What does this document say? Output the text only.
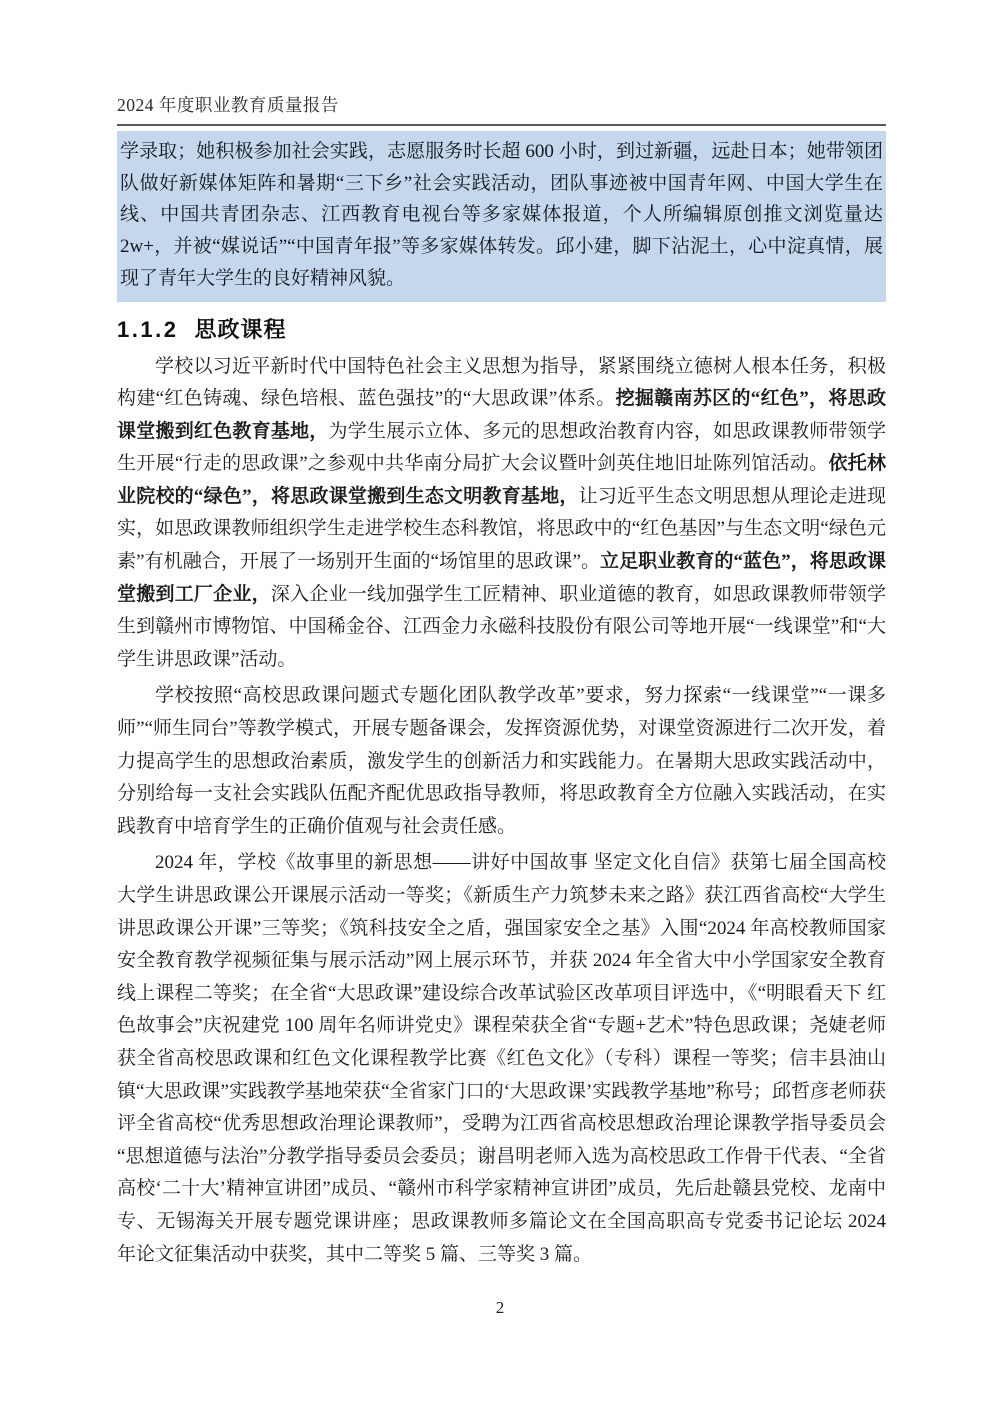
2024 年度职业教育质量报告
学录取；她积极参加社会实践，志愿服务时长超 600 小时，到过新疆，远赴日本；她带领团队做好新媒体矩阵和暑期“三下乡”社会实践活动，团队事迹被中国青年网、中国大学生在线、中国共青团杂志、江西教育电视台等多家媒体报道，个人所编辑原创推文浏览量达 2w+，并被“媒说话”“中国青年报”等多家媒体转发。邱小建，脚下沾泥土，心中淀真情，展现了青年大学生的良好精神风貌。
1.1.2 思政课程
学校以习近平新时代中国特色社会主义思想为指导，紧紧围绕立德树人根本任务，积极构建“红色铸魂、绿色培根、蓝色强技”的“大思政课”体系。挖掘赣南苏区的“红色”，将思政课堂搬到红色教育基地，为学生展示立体、多元的思想政治教育内容，如思政课教师带领学生开展“行走的思政课”之参观中共华南分局扩大会议暨叶剑英住地旧址陈列馆活动。依托林业院校的“绿色”，将思政课堂搬到生态文明教育基地，让习近平生态文明思想从理论走进现实，如思政课教师组织学生走进学校生态科教馆，将思政中的“红色基因”与生态文明“绿色元素”有机融合，开展了一场别开生面的“场馆里的思政课”。立足职业教育的“蓝色”，将思政课堂搬到工厂企业，深入企业一线加强学生工匠精神、职业道德的教育，如思政课教师带领学生到赣州市博物馆、中国稀金谷、江西金力永磁科技股份有限公司等地开展“一线课堂”和“大学生讲思政课”活动。
学校按照“高校思政课问题式专题化团队教学改革”要求，努力探索“一线课堂”“一课多师”“师生同台”等教学模式，开展专题备课会，发挥资源优势，对课堂资源进行二次开发，着力提高学生的思想政治素质，激发学生的创新活力和实践能力。在暑期大思政实践活动中，分别给每一支社会实践队伍配齐配优思政指导教师，将思政教育全方位融入实践活动，在实践教育中培育学生的正确价值观与社会责任感。
2024 年，学校《故事里的新思想——讲好中国故事 坚定文化自信》获第七届全国高校大学生讲思政课公开课展示活动一等奖；《新质生产力筑梦未来之路》获江西省高校“大学生讲思政课公开课”三等奖；《筑科技安全之盾，强国家安全之基》入围“2024 年高校教师国家安全教育教学视频征集与展示活动”网上展示环节，并获 2024 年全省大中小学国家安全教育线上课程二等奖；在全省“大思政课”建设综合改革试验区改革项目评选中，《“明眼看天下 红色故事会”庆祝建党 100 周年名师讲党史》课程荣获全省“专题+艺术”特色思政课；尧婕老师获全省高校思政课和红色文化课程教学比赛《红色文化》（专科）课程一等奖；信丰县油山镇“大思政课”实践教学基地荣获“全省家门口的‘大思政课’实践教学基地”称号；邱哲彦老师获评全省高校“优秀思想政治理论课教师”，受聘为江西省高校思想政治理论课教学指导委员会“思想道德与法治”分教学指导委员会委员；谢昌明老师入选为高校思政工作骨干代表、“全省高校‘二十大’精神宣讲团”成员、“赣州市科学家精神宣讲团”成员，先后赴赣县党校、龙南中专、无锡海关开展专题党课讲座；思政课教师多篇论文在全国高职高专党委书记论坛 2024 年论文征集活动中获奖，其中二等奖 5 篇、三等奖 3 篇。
2
